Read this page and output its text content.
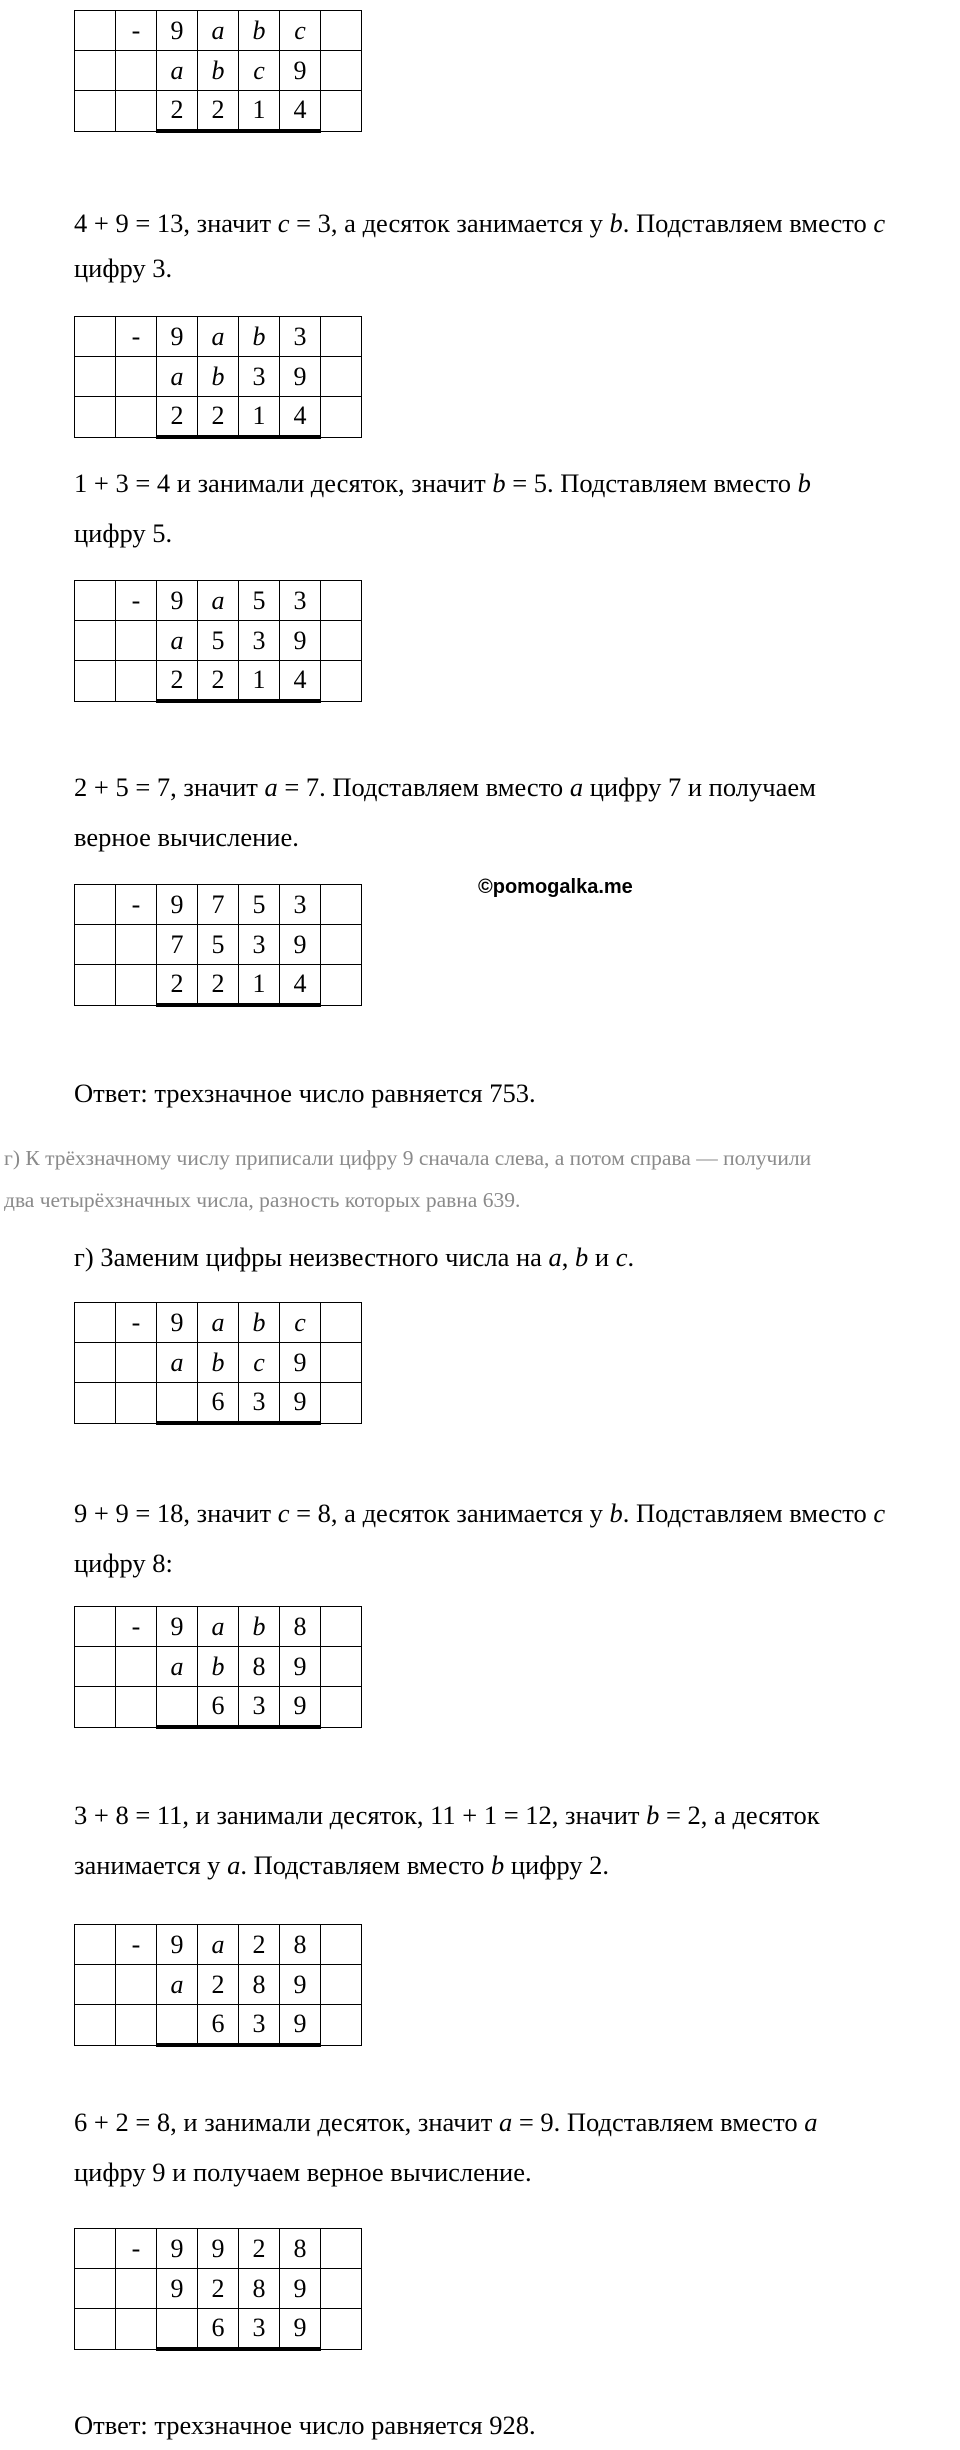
	-	9	a	b	c	
		a	b	c	9	
		2	2	1	4	
4 + 9 = 13, значит c = 3, а десяток занимается у b. Подставляем вместо c
цифру 3.
	-	9	a	b	3	
		a	b	3	9	
		2	2	1	4	
1 + 3 = 4 и занимали десяток, значит b = 5. Подставляем вместо b
цифру 5.
	-	9	a	5	3	
		a	5	3	9	
		2	2	1	4	
2 + 5 = 7, значит a = 7. Подставляем вместо a цифру 7 и получаем
верное вычисление.
	-	9	7	5	3	
		7	5	3	9	
		2	2	1	4	
©pomogalka.me
Ответ: трехзначное число равняется 753.
г) К трёхзначному числу приписали цифру 9 сначала слева, а потом справа — получили
два четырёхзначных числа, разность которых равна 639.
г) Заменим цифры неизвестного числа на a, b и c.
	-	9	a	b	c	
		a	b	c	9	
			6	3	9	
9 + 9 = 18, значит c = 8, а десяток занимается у b. Подставляем вместо c
цифру 8:
	-	9	a	b	8	
		a	b	8	9	
			6	3	9	
3 + 8 = 11, и занимали десяток, 11 + 1 = 12, значит b = 2, а десяток
занимается у a. Подставляем вместо b цифру 2.
	-	9	a	2	8	
		a	2	8	9	
			6	3	9	
6 + 2 = 8, и занимали десяток, значит a = 9. Подставляем вместо a
цифру 9 и получаем верное вычисление.
	-	9	9	2	8	
		9	2	8	9	
			6	3	9	
Ответ: трехзначное число равняется 928.
